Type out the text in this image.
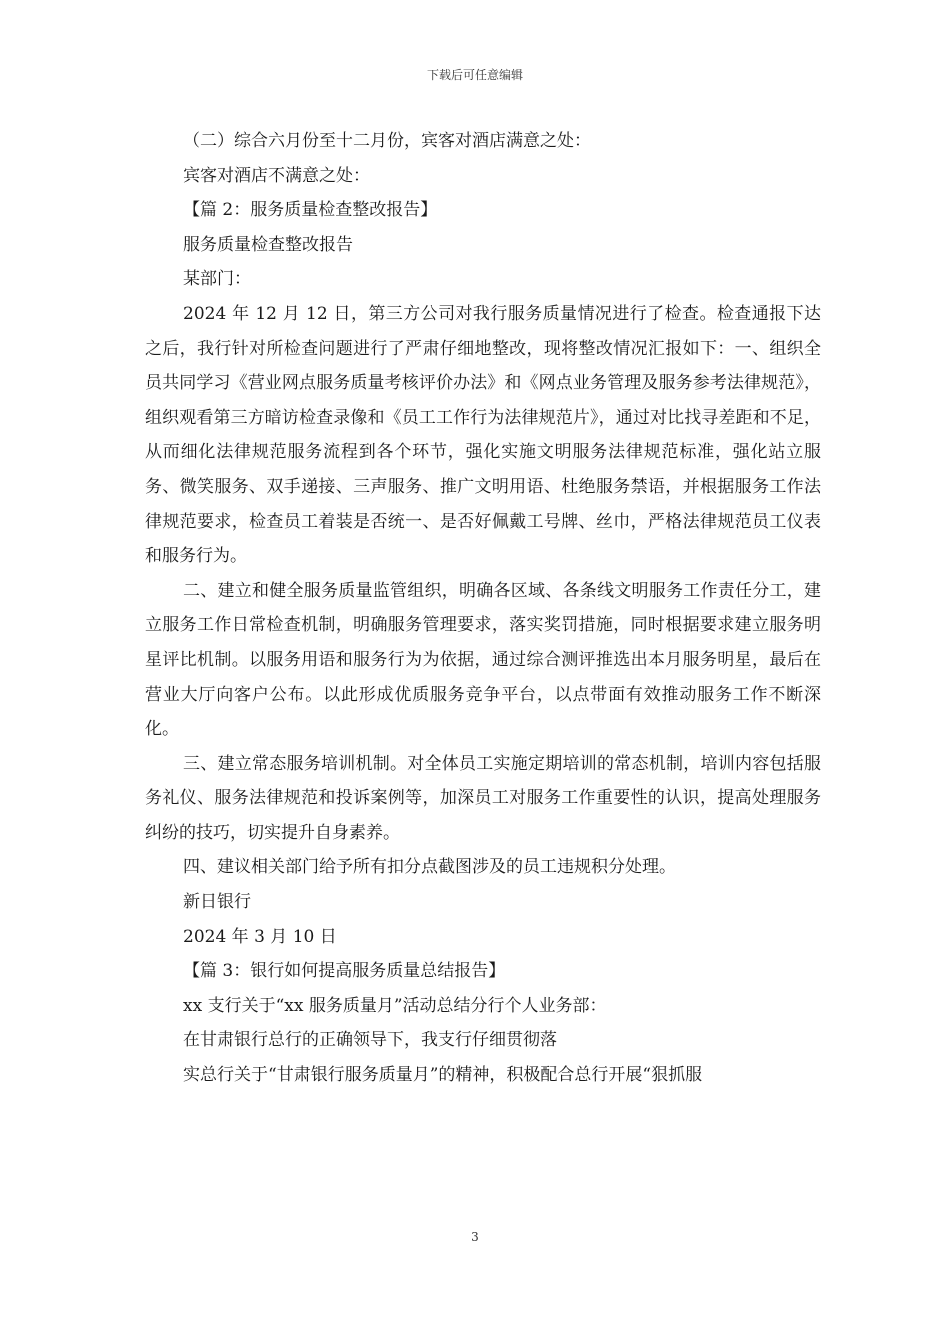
下载后可任意编辑

（二）综合六月份至十二月份，宾客对酒店满意之处：

宾客对酒店不满意之处：

【篇 2：服务质量检查整改报告】

服务质量检查整改报告

某部门：

2024 年 12 月 12 日，第三方公司对我行服务质量情况进行了检查。检查通报下达之后，我行针对所检查问题进行了严肃仔细地整改，现将整改情况汇报如下：一、组织全员共同学习《营业网点服务质量考核评价办法》和《网点业务管理及服务参考法律规范》，组织观看第三方暗访检查录像和《员工工作行为法律规范片》，通过对比找寻差距和不足，从而细化法律规范服务流程到各个环节，强化实施文明服务法律规范标准，强化站立服务、微笑服务、双手递接、三声服务、推广文明用语、杜绝服务禁语，并根据服务工作法律规范要求，检查员工着装是否统一、是否好佩戴工号牌、丝巾，严格法律规范员工仪表和服务行为。

二、建立和健全服务质量监管组织，明确各区域、各条线文明服务工作责任分工，建立服务工作日常检查机制，明确服务管理要求，落实奖罚措施，同时根据要求建立服务明星评比机制。以服务用语和服务行为为依据，通过综合测评推选出本月服务明星，最后在营业大厅向客户公布。以此形成优质服务竞争平台，以点带面有效推动服务工作不断深化。

三、建立常态服务培训机制。对全体员工实施定期培训的常态机制，培训内容包括服务礼仪、服务法律规范和投诉案例等，加深员工对服务工作重要性的认识，提高处理服务纠纷的技巧，切实提升自身素养。

四、建议相关部门给予所有扣分点截图涉及的员工违规积分处理。

新日银行

2024 年 3 月 10 日

【篇 3：银行如何提高服务质量总结报告】

xx 支行关于“xx 服务质量月”活动总结分行个人业务部：

在甘肃银行总行的正确领导下，我支行仔细贯彻落

实总行关于“甘肃银行服务质量月”的精神，积极配合总行开展“狠抓服

3
